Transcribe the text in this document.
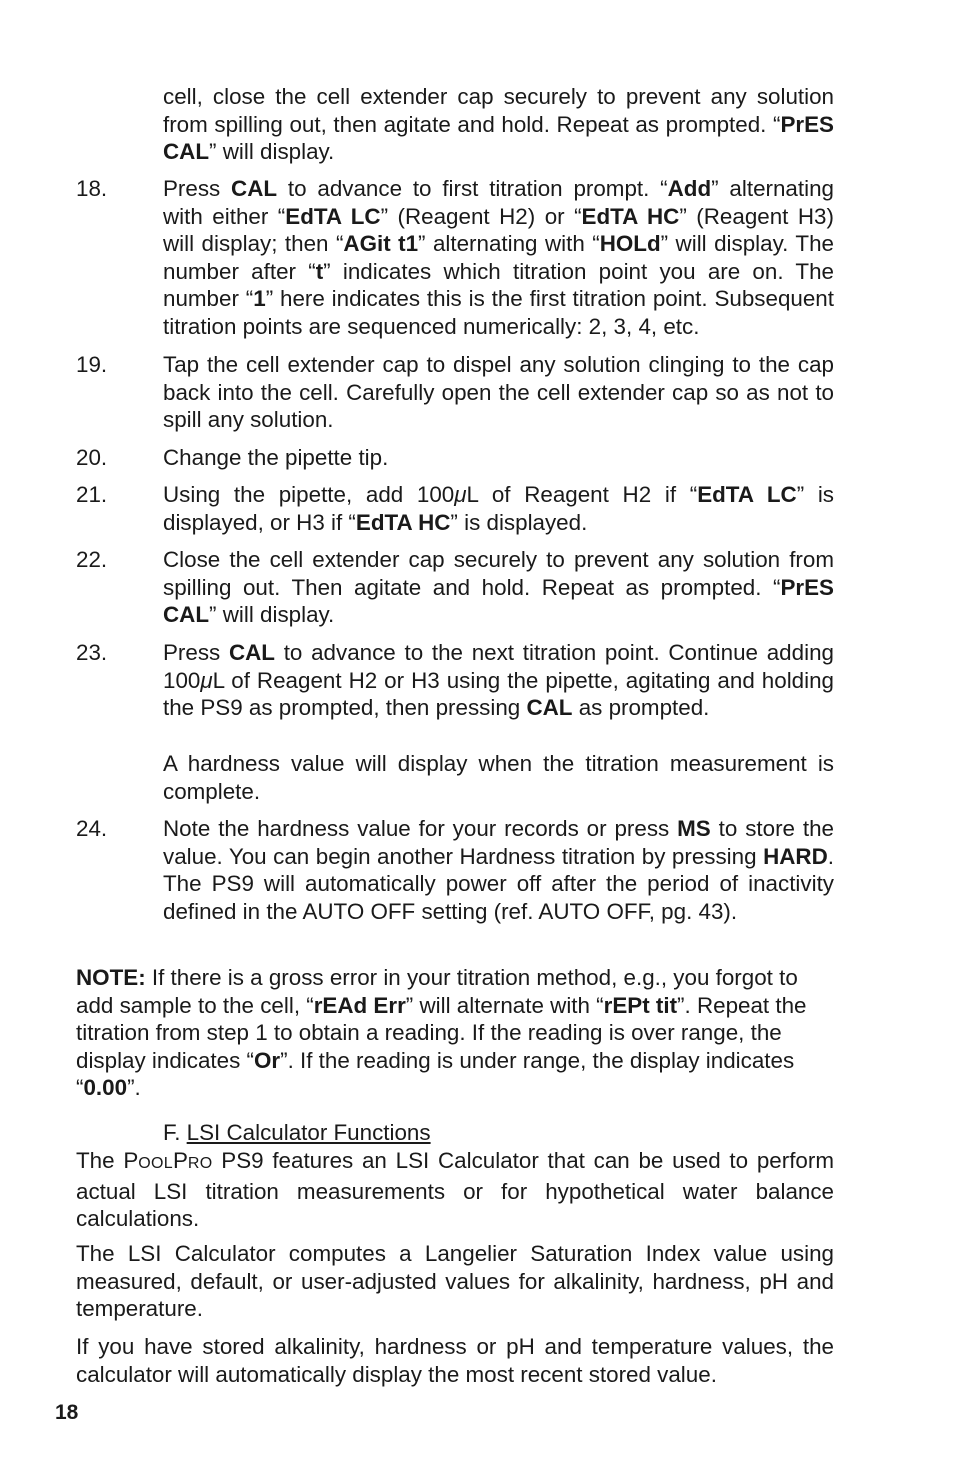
cell, close the cell extender cap securely to prevent any solution from spilling out, then agitate and hold. Repeat as prompted. “PrES CAL” will display.
18. Press CAL to advance to first titration prompt. “Add” alternating with either “EdTA LC” (Reagent H2) or “EdTA HC” (Reagent H3) will display; then “AGit t1” alternating with “HOLd” will display. The number after “t” indicates which titration point you are on. The number “1” here indicates this is the first titration point. Subsequent titration points are sequenced numerically: 2, 3, 4, etc.
19. Tap the cell extender cap to dispel any solution clinging to the cap back into the cell. Carefully open the cell extender cap so as not to spill any solution.
20. Change the pipette tip.
21. Using the pipette, add 100μL of Reagent H2 if “EdTA LC” is displayed, or H3 if “EdTA HC” is displayed.
22. Close the cell extender cap securely to prevent any solution from spilling out. Then agitate and hold. Repeat as prompted. “PrES CAL” will display.
23. Press CAL to advance to the next titration point. Continue adding 100μL of Reagent H2 or H3 using the pipette, agitating and holding the PS9 as prompted, then pressing CAL as prompted.
A hardness value will display when the titration measurement is complete.
24. Note the hardness value for your records or press MS to store the value. You can begin another Hardness titration by pressing HARD. The PS9 will automatically power off after the period of inactivity defined in the AUTO OFF setting (ref. AUTO OFF, pg. 43).
NOTE: If there is a gross error in your titration method, e.g., you forgot to add sample to the cell, “rEAd Err” will alternate with “rEPt tit”. Repeat the titration from step 1 to obtain a reading. If the reading is over range, the display indicates “Or”. If the reading is under range, the display indicates “0.00”.
F. LSI Calculator Functions
The POOLPRO PS9 features an LSI Calculator that can be used to perform actual LSI titration measurements or for hypothetical water balance calculations.
The LSI Calculator computes a Langelier Saturation Index value using measured, default, or user-adjusted values for alkalinity, hardness, pH and temperature.
If you have stored alkalinity, hardness or pH and temperature values, the calculator will automatically display the most recent stored value.
18
